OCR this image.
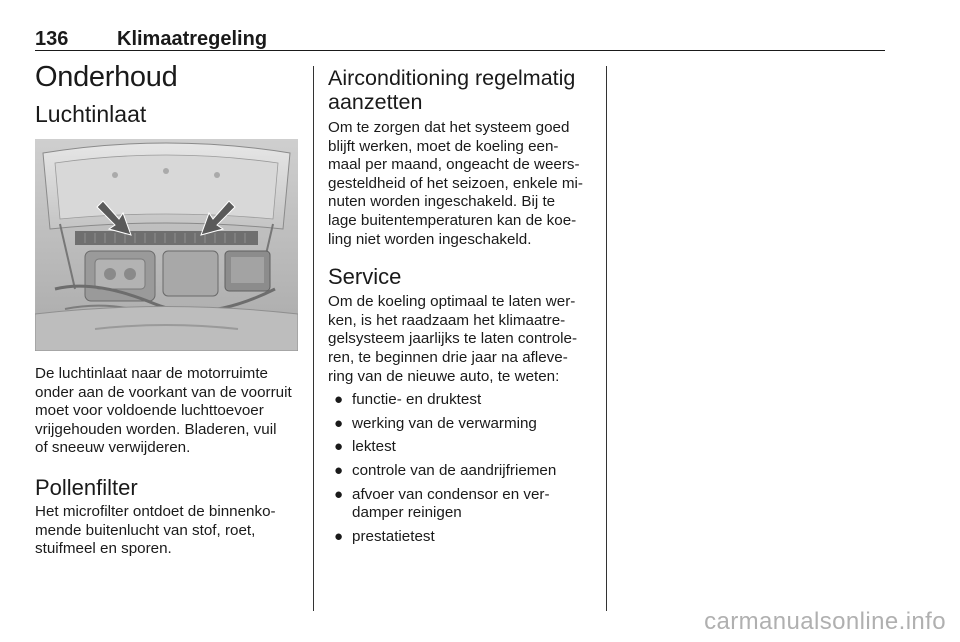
136 Klimaatregeling
Onderhoud
Luchtinlaat

De luchtinlaat naar de motorruimte
onder aan de voorkant van de voorruit
moet voor voldoende luchttoevoer
vrijgehouden worden. Bladeren, vuil
of sneeuw verwijderen.

Pollenfilter

Het microfilter ontdoet de binnenko-
mende buitenlucht van stof, roet,
stuifmeel en sporen.

Airconditioning regelmatig
aanzetten

Om te zorgen dat het systeem goed
blijft werken, moet de koeling een-
maal per maand, ongeacht de weers-
gesteldheid of het seizoen, enkele mi-
nuten worden ingeschakeld. Bij te
lage buitentemperaturen kan de koe-
ling niet worden ingeschakeld.

Service

Om de koeling optimaal te laten wer-
ken, is het raadzaam het klimaatre-
gelsysteem jaarlijks te laten controle-
ren, te beginnen drie jaar na afleve-
ring van de nieuwe auto, te weten:

● functie- en druktest
● werking van de verwarming
● lektest
● controle van de aandrijfriemen
● afvoer van condensor en ver-
damper reinigen
● prestatietest
carmanualsonline.info
